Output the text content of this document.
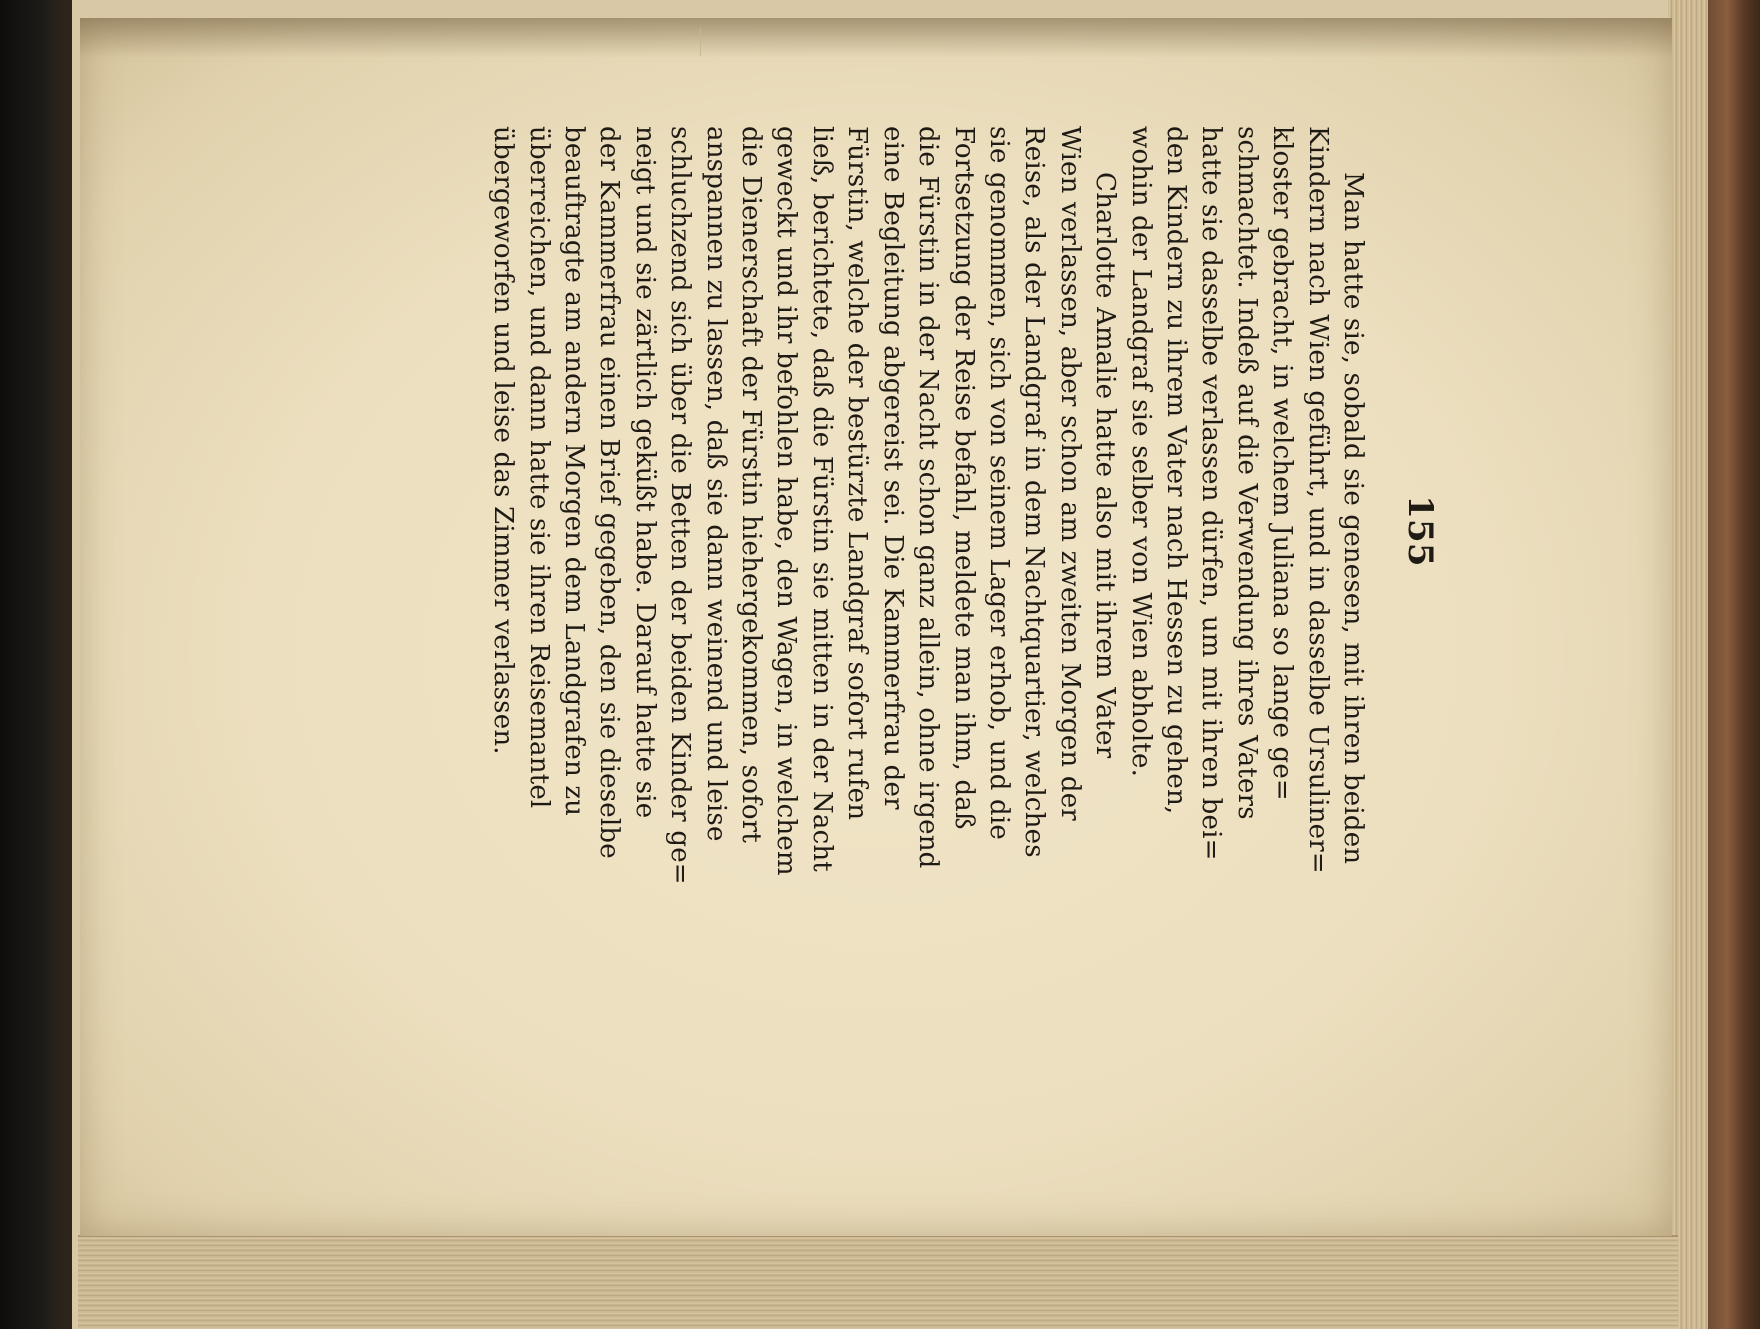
155
Man hatte sie, sobald sie genesen, mit ihren beiden
Kindern nach Wien geführt, und in dasselbe Ursuliner=
kloster gebracht, in welchem Juliana so lange ge=
schmachtet. Indeß auf die Verwendung ihres Vaters
hatte sie dasselbe verlassen dürfen, um mit ihren bei=
den Kindern zu ihrem Vater nach Hessen zu gehen,
wohin der Landgraf sie selber von Wien abholte.
Charlotte Amalie hatte also mit ihrem Vater
Wien verlassen, aber schon am zweiten Morgen der
Reise, als der Landgraf in dem Nachtquartier, welches
sie genommen, sich von seinem Lager erhob, und die
Fortsetzung der Reise befahl, meldete man ihm, daß
die Fürstin in der Nacht schon ganz allein, ohne irgend
eine Begleitung abgereist sei. Die Kammerfrau der
Fürstin, welche der bestürzte Landgraf sofort rufen
ließ, berichtete, daß die Fürstin sie mitten in der Nacht
geweckt und ihr befohlen habe, den Wagen, in welchem
die Dienerschaft der Fürstin hiehergekommen, sofort
anspannen zu lassen, daß sie dann weinend und leise
schluchzend sich über die Betten der beiden Kinder ge=
neigt und sie zärtlich geküßt habe. Darauf hatte sie
der Kammerfrau einen Brief gegeben, den sie dieselbe
beauftragte am andern Morgen dem Landgrafen zu
überreichen, und dann hatte sie ihren Reisemantel
übergeworfen und leise das Zimmer verlassen.
